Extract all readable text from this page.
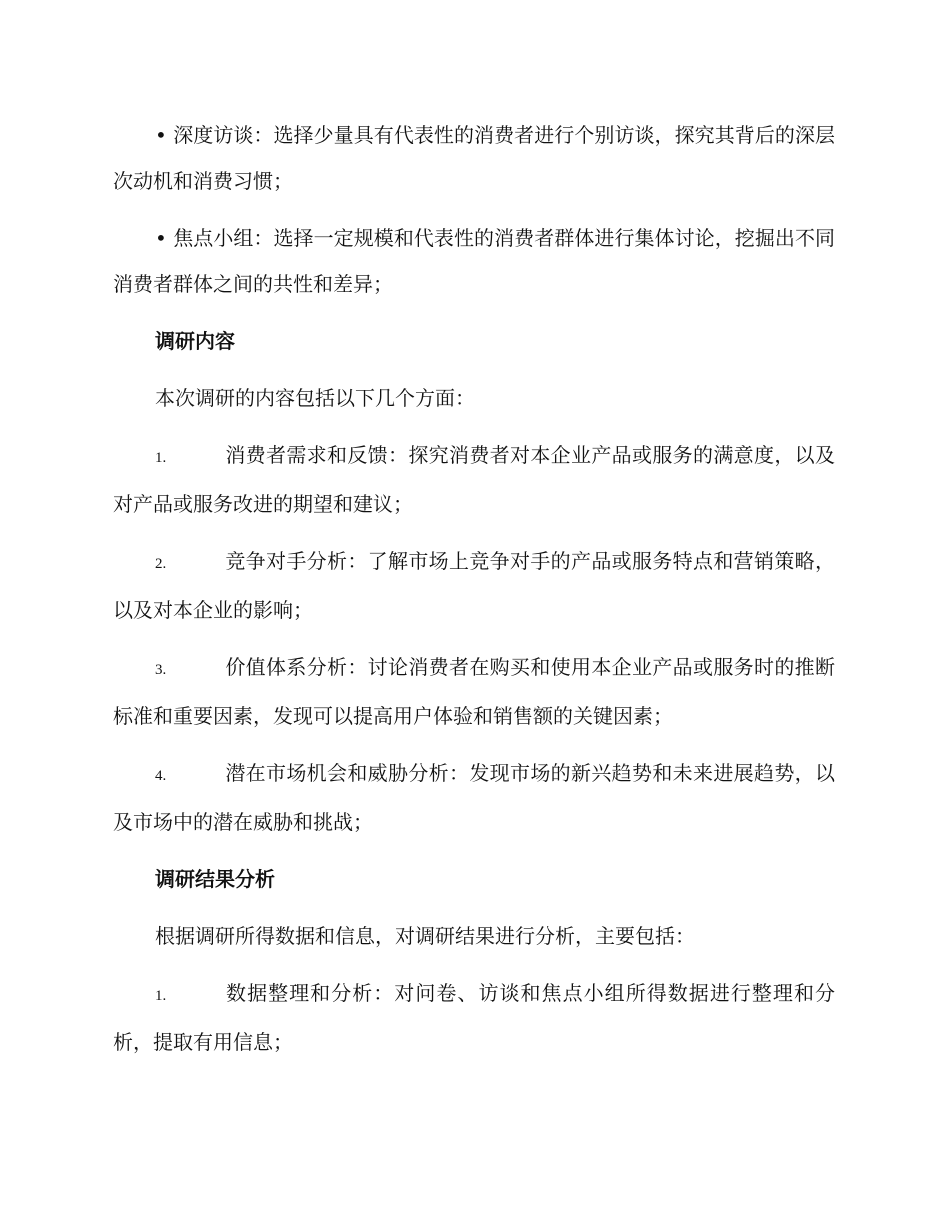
• 深度访谈：选择少量具有代表性的消费者进行个别访谈，探究其背后的深层次动机和消费习惯；

• 焦点小组：选择一定规模和代表性的消费者群体进行集体讨论，挖掘出不同消费者群体之间的共性和差异；

调研内容

本次调研的内容包括以下几个方面：

1.	消费者需求和反馈：探究消费者对本企业产品或服务的满意度，以及对产品或服务改进的期望和建议；

2.	竞争对手分析：了解市场上竞争对手的产品或服务特点和营销策略，以及对本企业的影响；

3.	价值体系分析：讨论消费者在购买和使用本企业产品或服务时的推断标准和重要因素，发现可以提高用户体验和销售额的关键因素；

4.	潜在市场机会和威胁分析：发现市场的新兴趋势和未来进展趋势，以及市场中的潜在威胁和挑战；

调研结果分析

根据调研所得数据和信息，对调研结果进行分析，主要包括：

1.	数据整理和分析：对问卷、访谈和焦点小组所得数据进行整理和分析，提取有用信息；
